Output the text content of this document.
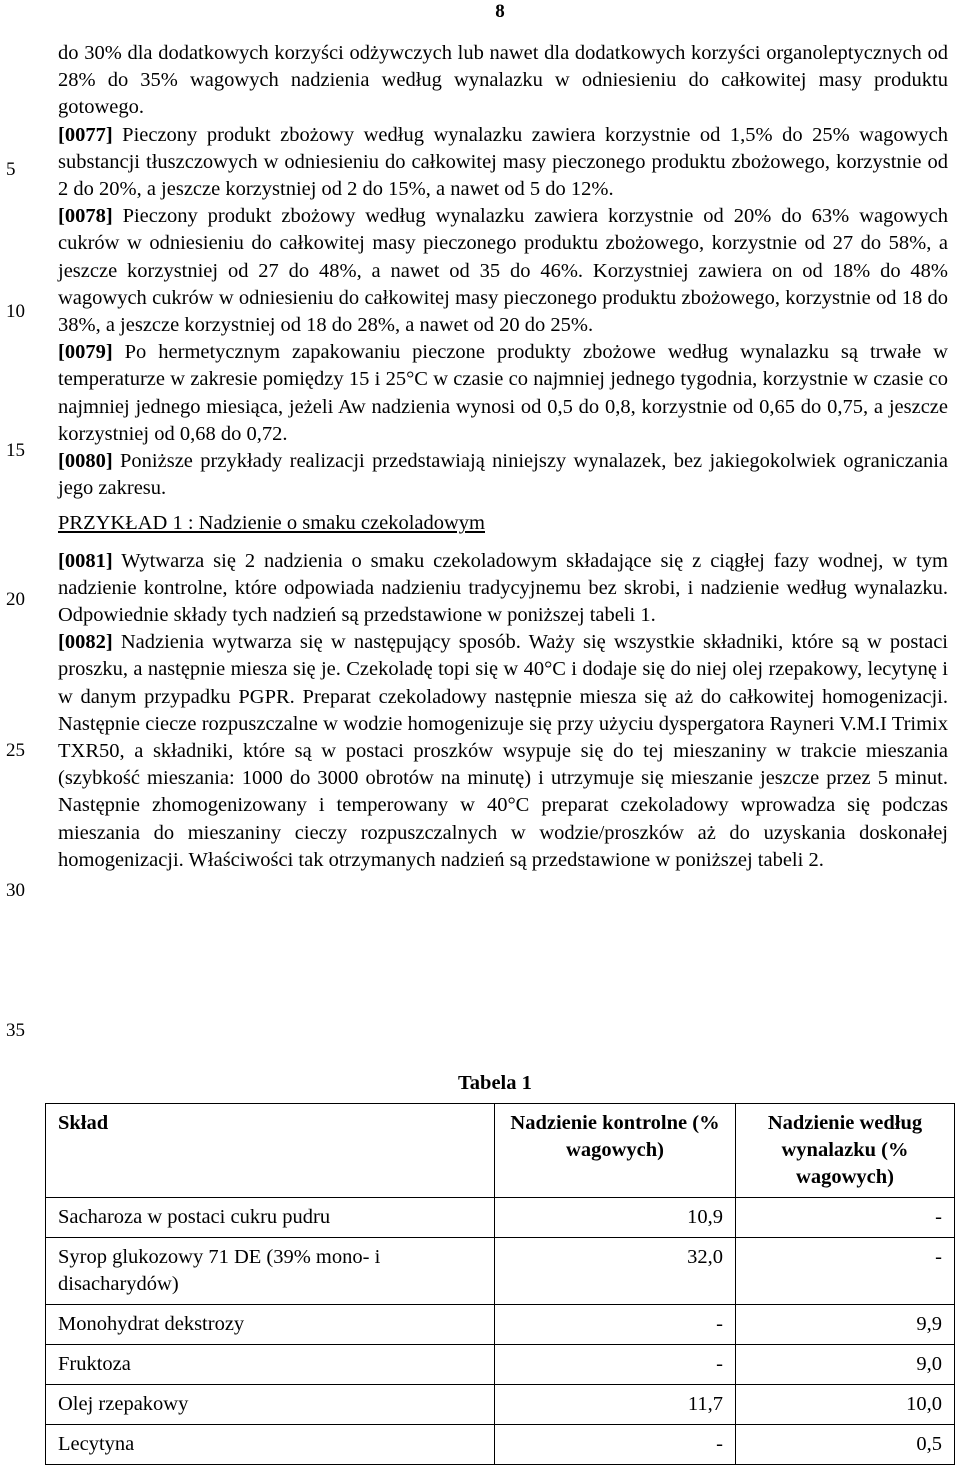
8
5
10
15
20
25
30
35

do 30% dla dodatkowych korzyści odżywczych lub nawet dla dodatkowych korzyści organoleptycznych od 28% do 35% wagowych nadzienia według wynalazku w odniesieniu do całkowitej masy produktu gotowego.

[0077] Pieczony produkt zbożowy według wynalazku zawiera korzystnie od 1,5% do 25% wagowych substancji tłuszczowych w odniesieniu do całkowitej masy pieczonego produktu zbożowego, korzystnie od 2 do 20%, a jeszcze korzystniej od 2 do 15%, a nawet od 5 do 12%.

[0078] Pieczony produkt zbożowy według wynalazku zawiera korzystnie od 20% do 63% wagowych cukrów w odniesieniu do całkowitej masy pieczonego produktu zbożowego, korzystnie od 27 do 58%, a jeszcze korzystniej od 27 do 48%, a nawet od 35 do 46%. Korzystniej zawiera on od 18% do 48% wagowych cukrów w odniesieniu do całkowitej masy pieczonego produktu zbożowego, korzystnie od 18 do 38%, a jeszcze korzystniej od 18 do 28%, a nawet od 20 do 25%.

[0079] Po hermetycznym zapakowaniu pieczone produkty zbożowe według wynalazku są trwałe w temperaturze w zakresie pomiędzy 15 i 25°C w czasie co najmniej jednego tygodnia, korzystnie w czasie co najmniej jednego miesiąca, jeżeli Aw nadzienia wynosi od 0,5 do 0,8, korzystnie od 0,65 do 0,75, a jeszcze korzystniej od 0,68 do 0,72.

[0080] Poniższe przykłady realizacji przedstawiają niniejszy wynalazek, bez jakiegokolwiek ograniczania jego zakresu.

PRZYKŁAD 1 : Nadzienie o smaku czekoladowym

[0081] Wytwarza się 2 nadzienia o smaku czekoladowym składające się z ciągłej fazy wodnej, w tym nadzienie kontrolne, które odpowiada nadzieniu tradycyjnemu bez skrobi, i nadzienie według wynalazku. Odpowiednie składy tych nadzień są przedstawione w poniższej tabeli 1.

[0082] Nadzienia wytwarza się w następujący sposób. Waży się wszystkie składniki, które są w postaci proszku, a następnie miesza się je. Czekoladę topi się w 40°C i dodaje się do niej olej rzepakowy, lecytynę i w danym przypadku PGPR. Preparat czekoladowy następnie miesza się aż do całkowitej homogenizacji. Następnie ciecze rozpuszczalne w wodzie homogenizuje się przy użyciu dyspergatora Rayneri V.M.I Trimix TXR50, a składniki, które są w postaci proszków wsypuje się do tej mieszaniny w trakcie mieszania (szybkość mieszania: 1000 do 3000 obrotów na minutę) i utrzymuje się mieszanie jeszcze przez 5 minut. Następnie zhomogenizowany i temperowany w 40°C preparat czekoladowy wprowadza się podczas mieszania do mieszaniny cieczy rozpuszczalnych w wodzie/proszków aż do uzyskania doskonałej homogenizacji. Właściwości tak otrzymanych nadzień są przedstawione w poniższej tabeli 2.

Tabela 1
Skład	Nadzienie kontrolne (% wagowych)	Nadzienie według wynalazku (% wagowych)
Sacharoza w postaci cukru pudru	10,9	-
Syrop glukozowy 71 DE (39% mono- i disacharydów)	32,0	-
Monohydrat dekstrozy	-	9,9
Fruktoza	-	9,0
Olej rzepakowy	11,7	10,0
Lecytyna	-	0,5
